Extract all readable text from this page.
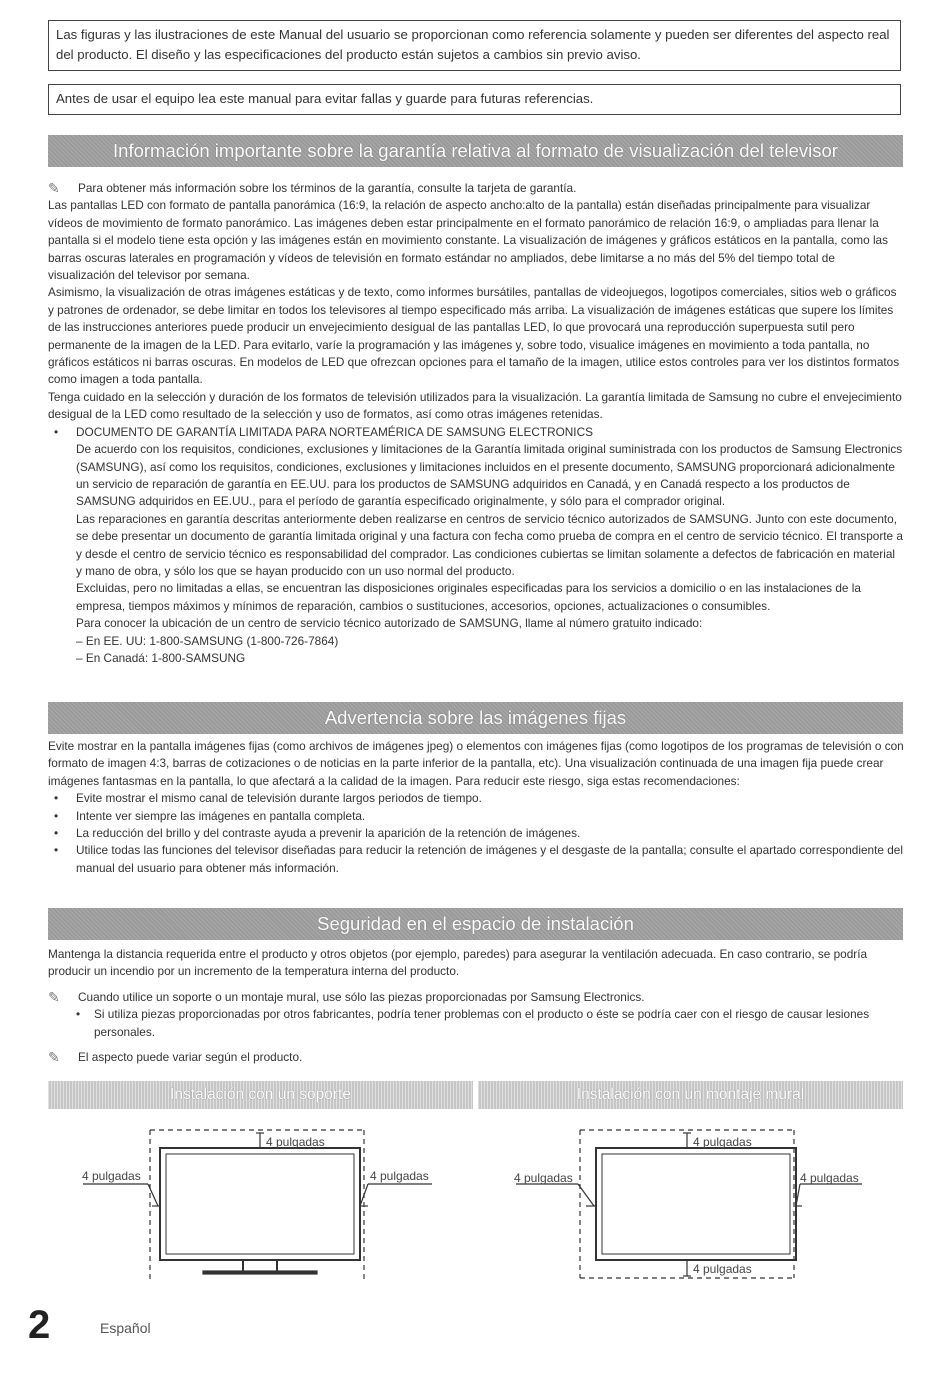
Las figuras y las ilustraciones de este Manual del usuario se proporcionan como referencia solamente y pueden ser diferentes del aspecto real del producto. El diseño y las especificaciones del producto están sujetos a cambios sin previo aviso.
Antes de usar el equipo lea este manual para evitar fallas y guarde para futuras referencias.
Información importante sobre la garantía relativa al formato de visualización del televisor
✎	Para obtener más información sobre los términos de la garantía, consulte la tarjeta de garantía.

Las pantallas LED con formato de pantalla panorámica (16:9, la relación de aspecto ancho:alto de la pantalla) están diseñadas principalmente para visualizar vídeos de movimiento de formato panorámico. Las imágenes deben estar principalmente en el formato panorámico de relación 16:9, o ampliadas para llenar la pantalla si el modelo tiene esta opción y las imágenes están en movimiento constante. La visualización de imágenes y gráficos estáticos en la pantalla, como las barras oscuras laterales en programación y vídeos de televisión en formato estándar no ampliados, debe limitarse a no más del 5% del tiempo total de visualización del televisor por semana.

Asimismo, la visualización de otras imágenes estáticas y de texto, como informes bursátiles, pantallas de videojuegos, logotipos comerciales, sitios web o gráficos y patrones de ordenador, se debe limitar en todos los televisores al tiempo especificado más arriba. La visualización de imágenes estáticas que supere los límites de las instrucciones anteriores puede producir un envejecimiento desigual de las pantallas LED, lo que provocará una reproducción superpuesta sutil pero permanente de la imagen de la LED. Para evitarlo, varíe la programación y las imágenes y, sobre todo, visualice imágenes en movimiento a toda pantalla, no gráficos estáticos ni barras oscuras. En modelos de LED que ofrezcan opciones para el tamaño de la imagen, utilice estos controles para ver los distintos formatos como imagen a toda pantalla.

Tenga cuidado en la selección y duración de los formatos de televisión utilizados para la visualización. La garantía limitada de Samsung no cubre el envejecimiento desigual de la LED como resultado de la selección y uso de formatos, así como otras imágenes retenidas.

•	DOCUMENTO DE GARANTÍA LIMITADA PARA NORTEAMÉRICA DE SAMSUNG ELECTRONICS

De acuerdo con los requisitos, condiciones, exclusiones y limitaciones de la Garantía limitada original suministrada con los productos de Samsung Electronics (SAMSUNG), así como los requisitos, condiciones, exclusiones y limitaciones incluidos en el presente documento, SAMSUNG proporcionará adicionalmente un servicio de reparación de garantía en EE.UU. para los productos de SAMSUNG adquiridos en Canadá, y en Canadá respecto a los productos de SAMSUNG adquiridos en EE.UU., para el período de garantía especificado originalmente, y sólo para el comprador original.

Las reparaciones en garantía descritas anteriormente deben realizarse en centros de servicio técnico autorizados de SAMSUNG. Junto con este documento, se debe presentar un documento de garantía limitada original y una factura con fecha como prueba de compra en el centro de servicio técnico. El transporte a y desde el centro de servicio técnico es responsabilidad del comprador. Las condiciones cubiertas se limitan solamente a defectos de fabricación en material y mano de obra, y sólo los que se hayan producido con un uso normal del producto.

Excluidas, pero no limitadas a ellas, se encuentran las disposiciones originales especificadas para los servicios a domicilio o en las instalaciones de la empresa, tiempos máximos y mínimos de reparación, cambios o sustituciones, accesorios, opciones, actualizaciones o consumibles.

Para conocer la ubicación de un centro de servicio técnico autorizado de SAMSUNG, llame al número gratuito indicado:

– En EE. UU: 1-800-SAMSUNG (1-800-726-7864)

– En Canadá: 1-800-SAMSUNG

Advertencia sobre las imágenes fijas

Evite mostrar en la pantalla imágenes fijas (como archivos de imágenes jpeg) o elementos con imágenes fijas (como logotipos de los programas de televisión o con formato de imagen 4:3, barras de cotizaciones o de noticias en la parte inferior de la pantalla, etc). Una visualización continuada de una imagen fija puede crear imágenes fantasmas en la pantalla, lo que afectará a la calidad de la imagen. Para reducir este riesgo, siga estas recomendaciones:

•	Evite mostrar el mismo canal de televisión durante largos periodos de tiempo.
•	Intente ver siempre las imágenes en pantalla completa.
•	La reducción del brillo y del contraste ayuda a prevenir la aparición de la retención de imágenes.
•	Utilice todas las funciones del televisor diseñadas para reducir la retención de imágenes y el desgaste de la pantalla; consulte el apartado correspondiente del manual del usuario para obtener más información.
Seguridad en el espacio de instalación

Mantenga la distancia requerida entre el producto y otros objetos (por ejemplo, paredes) para asegurar la ventilación adecuada. En caso contrario, se podría producir un incendio por un incremento de la temperatura interna del producto.

✎	Cuando utilice un soporte o un montaje mural, use sólo las piezas proporcionadas por Samsung Electronics.

•	Si utiliza piezas proporcionadas por otros fabricantes, podría tener problemas con el producto o éste se podría caer con el riesgo de causar lesiones personales.
✎	El aspecto puede variar según el producto.

Instalación con un soporte	Instalación con un montaje mural
4 pulgadas
4 pulgadas	4 pulgadas
4 pulgadas
4 pulgadas	4 pulgadas
4 pulgadas
2	Español
